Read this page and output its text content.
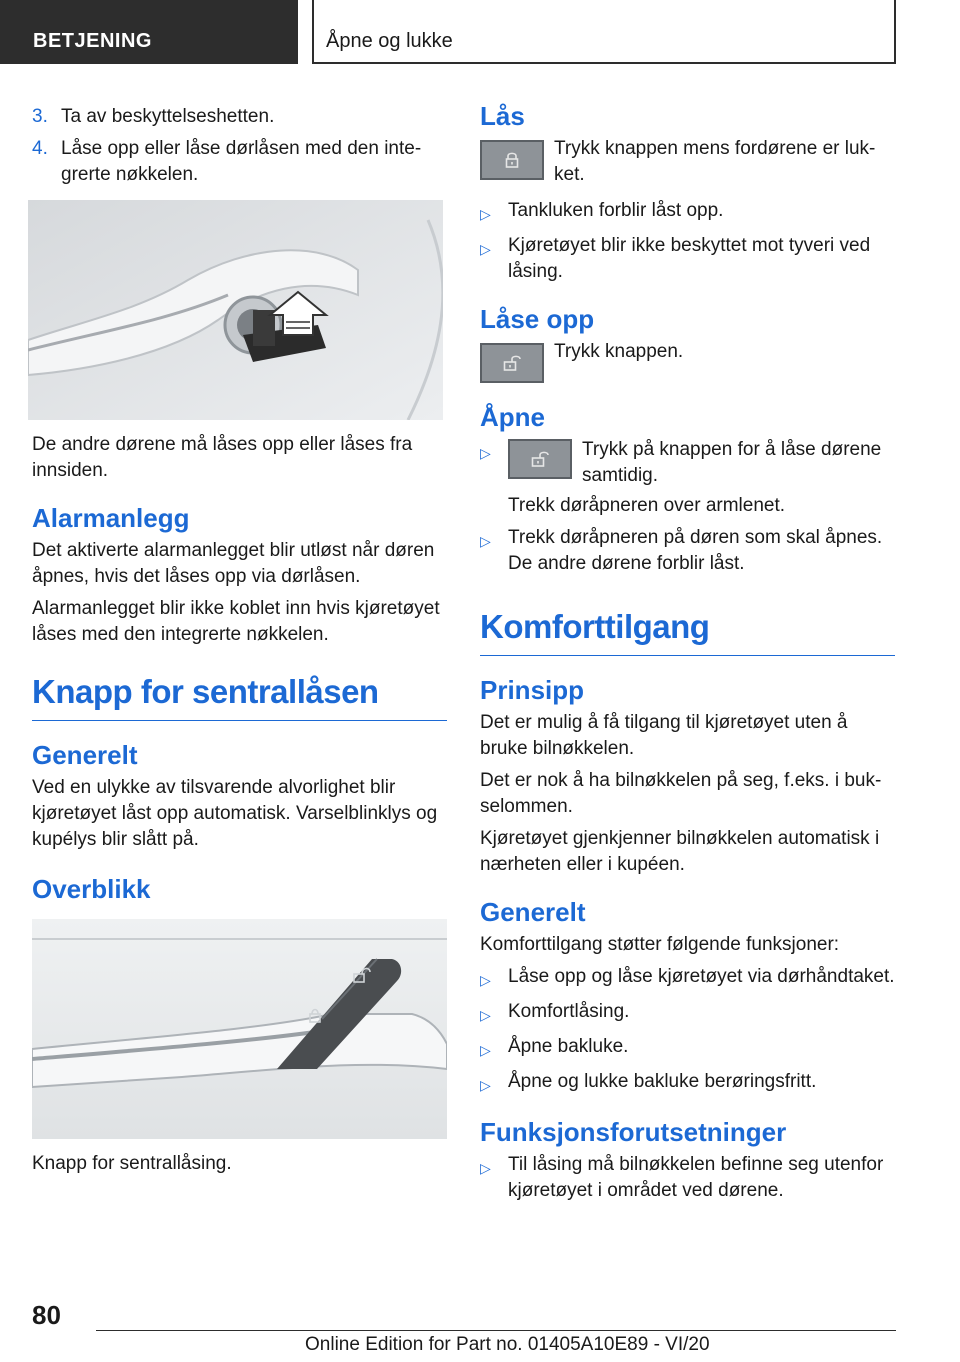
BETJENING	Åpne og lukke
3. Ta av beskyttelseshetten.
4. Låse opp eller låse dørlåsen med den integrerte nøkkelen.

De andre dørene må låses opp eller låses fra innsiden.

Alarmanlegg

Det aktiverte alarmanlegget blir utløst når døren åpnes, hvis det låses opp via dørlåsen.

Alarmanlegget blir ikke koblet inn hvis kjøretøyet låses med den integrerte nøkkelen.

Knapp for sentrallåsen
Generelt

Ved en ulykke av tilsvarende alvorlighet blir kjøretøyet låst opp automatisk. Varselblinklys og kupélys blir slått på.

Overblikk

Knapp for sentrallåsing.

Lås
Trykk knappen mens fordørene er lukket.
▷ Tankluken forblir låst opp.
▷ Kjøretøyet blir ikke beskyttet mot tyveri ved låsing.
Låse opp
Trykk knappen.
Åpne
▷	Trykk på knappen for å låse dørene samtidig.
Trekk døråpneren over armlenet.
▷ Trekk døråpneren på døren som skal åpnes. De andre dørene forblir låst.
Komforttilgang
Prinsipp

Det er mulig å få tilgang til kjøretøyet uten å bruke bilnøkkelen.

Det er nok å ha bilnøkkelen på seg, f.eks. i bukselommen.

Kjøretøyet gjenkjenner bilnøkkelen automatisk i nærheten eller i kupéen.

Generelt

Komforttilgang støtter følgende funksjoner:

▷ Låse opp og låse kjøretøyet via dørhåndtaket.
▷ Komfortlåsing.
▷ Åpne bakluke.
▷ Åpne og lukke bakluke berøringsfritt.
Funksjonsforutsetninger
▷ Til låsing må bilnøkkelen befinne seg utenfor kjøretøyet i området ved dørene.
80
Online Edition for Part no. 01405A10E89 - VI/20
